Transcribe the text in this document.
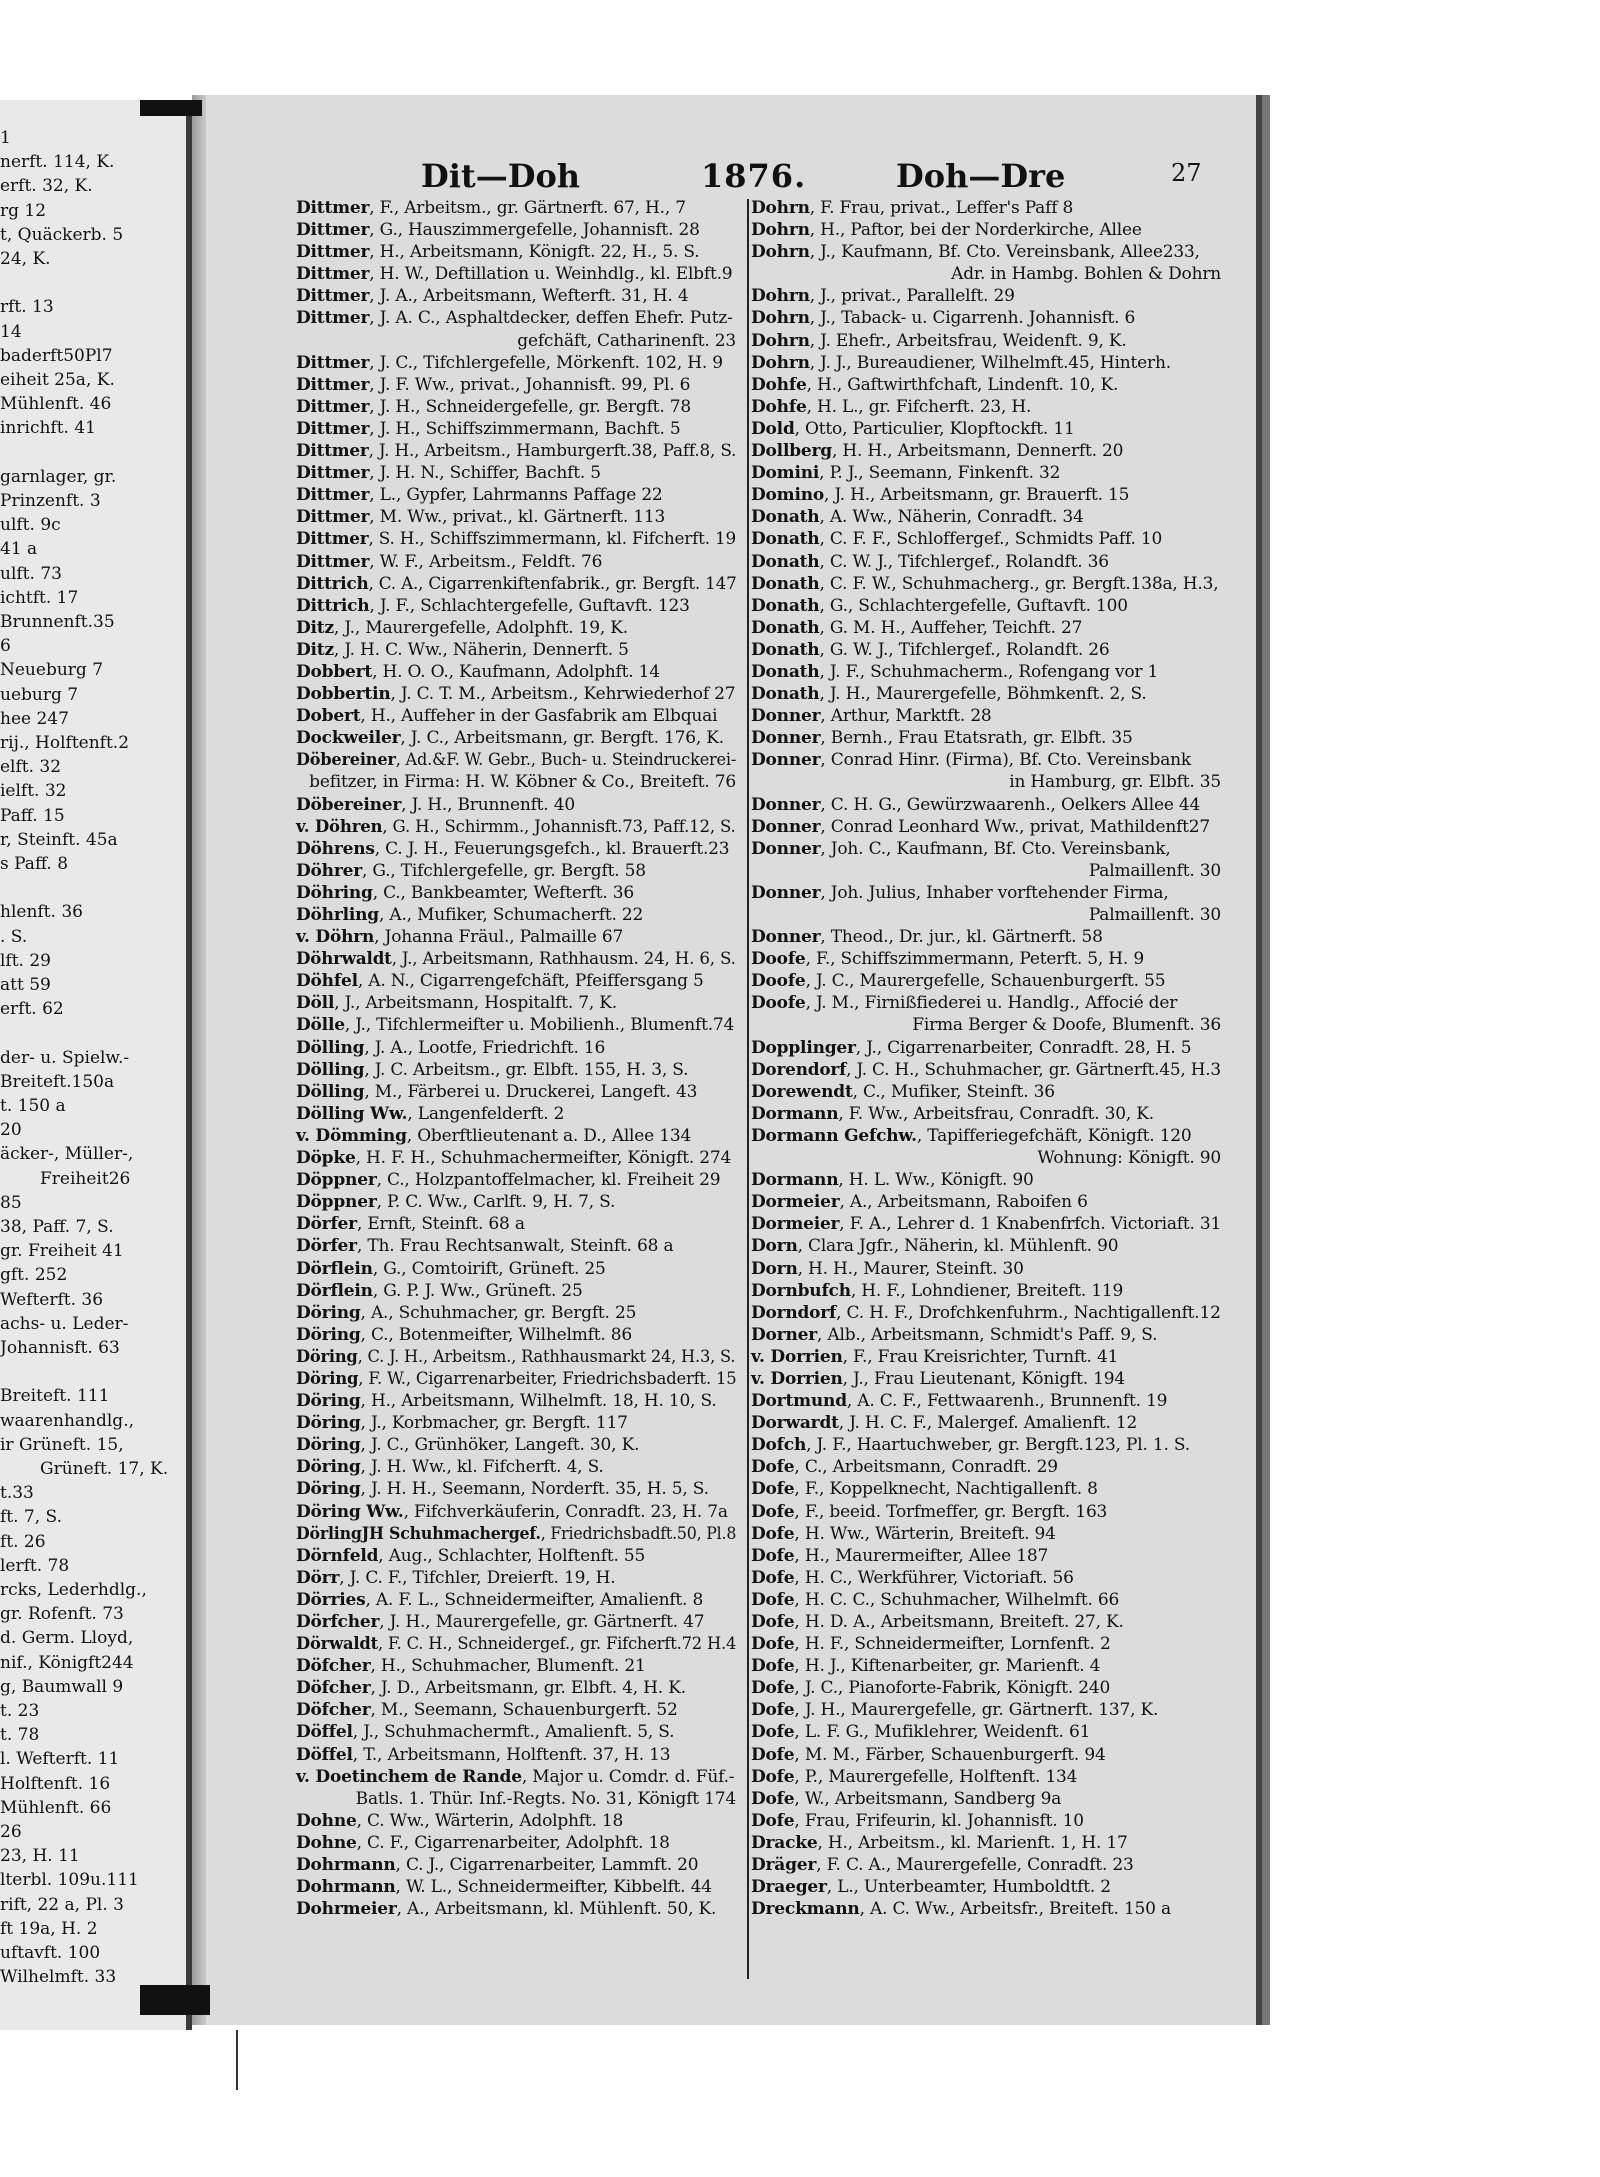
1
nerft. 114, K.
erft. 32, K.
rg 12
t, Quäckerb. 5
24, K.
rft. 13
14
baderft50Pl7
eiheit 25a, K.
Mühlenft. 46
inrichft. 41
garnlager, gr.
Prinzenft. 3
ulft. 9c
41 a
ulft. 73
ichtft. 17
Brunnenft.35
6
Neueburg 7
ueburg 7
hee 247
rij., Holftenft.2
elft. 32
ielft. 32
Paff. 15
r, Steinft. 45a
s Paff. 8
hlenft. 36
. S.
lft. 29
att 59
erft. 62
der- u. Spielw.-
Breiteft.150a
t. 150 a
20
äcker-, Müller-,
Freiheit26
85
38, Paff. 7, S.
gr. Freiheit 41
gft. 252
Wefterft. 36
achs- u. Leder-
Johannisft. 63
Breiteft. 111
waarenhandlg.,
ir Grüneft. 15,
Grüneft. 17, K.
t.33
ft. 7, S.
ft. 26
lerft. 78
rcks, Lederhdlg.,
gr. Rofenft. 73
d. Germ. Lloyd,
nif., Königft244
g, Baumwall 9
t. 23
t. 78
l. Wefterft. 11
Holftenft. 16
Mühlenft. 66
26
23, H. 11
lterbl. 109u.111
rift, 22 a, Pl. 3
ft 19a, H. 2
uftavft. 100
Wilhelmft. 33
Dit—Doh	1876.	Doh—Dre	27
Dittmer, F., Arbeitsm., gr. Gärtnerft. 67, H., 7
Dittmer, G., Hauszimmergefelle, Johannisft. 28
Dittmer, H., Arbeitsmann, Königft. 22, H., 5. S.
Dittmer, H. W., Deftillation u. Weinhdlg., kl. Elbft.9
Dittmer, J. A., Arbeitsmann, Wefterft. 31, H. 4
Dittmer, J. A. C., Asphaltdecker, deffen Ehefr. Putz-
gefchäft, Catharinenft. 23
Dittmer, J. C., Tifchlergefelle, Mörkenft. 102, H. 9
Dittmer, J. F. Ww., privat., Johannisft. 99, Pl. 6
Dittmer, J. H., Schneidergefelle, gr. Bergft. 78
Dittmer, J. H., Schiffszimmermann, Bachft. 5
Dittmer, J. H., Arbeitsm., Hamburgerft.38, Paff.8, S.
Dittmer, J. H. N., Schiffer, Bachft. 5
Dittmer, L., Gypfer, Lahrmanns Paffage 22
Dittmer, M. Ww., privat., kl. Gärtnerft. 113
Dittmer, S. H., Schiffszimmermann, kl. Fifcherft. 19
Dittmer, W. F., Arbeitsm., Feldft. 76
Dittrich, C. A., Cigarrenkiftenfabrik., gr. Bergft. 147
Dittrich, J. F., Schlachtergefelle, Guftavft. 123
Ditz, J., Maurergefelle, Adolphft. 19, K.
Ditz, J. H. C. Ww., Näherin, Dennerft. 5
Dobbert, H. O. O., Kaufmann, Adolphft. 14
Dobbertin, J. C. T. M., Arbeitsm., Kehrwiederhof 27
Dobert, H., Auffeher in der Gasfabrik am Elbquai
Dockweiler, J. C., Arbeitsmann, gr. Bergft. 176, K.
Döbereiner, Ad.&F. W. Gebr., Buch- u. Steindruckerei-
befitzer, in Firma: H. W. Köbner & Co., Breiteft. 76
Döbereiner, J. H., Brunnenft. 40
v. Döhren, G. H., Schirmm., Johannisft.73, Paff.12, S.
Döhrens, C. J. H., Feuerungsgefch., kl. Brauerft.23
Döhrer, G., Tifchlergefelle, gr. Bergft. 58
Döhring, C., Bankbeamter, Wefterft. 36
Döhrling, A., Mufiker, Schumacherft. 22
v. Döhrn, Johanna Fräul., Palmaille 67
Döhrwaldt, J., Arbeitsmann, Rathhausm. 24, H. 6, S.
Döhfel, A. N., Cigarrengefchäft, Pfeiffersgang 5
Döll, J., Arbeitsmann, Hospitalft. 7, K.
Dölle, J., Tifchlermeifter u. Mobilienh., Blumenft.74
Dölling, J. A., Lootfe, Friedrichft. 16
Dölling, J. C. Arbeitsm., gr. Elbft. 155, H. 3, S.
Dölling, M., Färberei u. Druckerei, Langeft. 43
Dölling Ww., Langenfelderft. 2
v. Dömming, Oberftlieutenant a. D., Allee 134
Döpke, H. F. H., Schuhmachermeifter, Königft. 274
Döppner, C., Holzpantoffelmacher, kl. Freiheit 29
Döppner, P. C. Ww., Carlft. 9, H. 7, S.
Dörfer, Ernft, Steinft. 68 a
Dörfer, Th. Frau Rechtsanwalt, Steinft. 68 a
Dörflein, G., Comtoirift, Grüneft. 25
Dörflein, G. P. J. Ww., Grüneft. 25
Döring, A., Schuhmacher, gr. Bergft. 25
Döring, C., Botenmeifter, Wilhelmft. 86
Döring, C. J. H., Arbeitsm., Rathhausmarkt 24, H.3, S.
Döring, F. W., Cigarrenarbeiter, Friedrichsbaderft. 15
Döring, H., Arbeitsmann, Wilhelmft. 18, H. 10, S.
Döring, J., Korbmacher, gr. Bergft. 117
Döring, J. C., Grünhöker, Langeft. 30, K.
Döring, J. H. Ww., kl. Fifcherft. 4, S.
Döring, J. H. H., Seemann, Norderft. 35, H. 5, S.
Döring Ww., Fifchverkäuferin, Conradft. 23, H. 7a
DörlingJH Schuhmachergef., Friedrichsbadft.50, Pl.8
Dörnfeld, Aug., Schlachter, Holftenft. 55
Dörr, J. C. F., Tifchler, Dreierft. 19, H.
Dörries, A. F. L., Schneidermeifter, Amalienft. 8
Dörfcher, J. H., Maurergefelle, gr. Gärtnerft. 47
Dörwaldt, F. C. H., Schneidergef., gr. Fifcherft.72 H.4
Döfcher, H., Schuhmacher, Blumenft. 21
Döfcher, J. D., Arbeitsmann, gr. Elbft. 4, H. K.
Döfcher, M., Seemann, Schauenburgerft. 52
Döffel, J., Schuhmachermft., Amalienft. 5, S.
Döffel, T., Arbeitsmann, Holftenft. 37, H. 13
v. Doetinchem de Rande, Major u. Comdr. d. Füf.-
Batls. 1. Thür. Inf.-Regts. No. 31, Königft 174
Dohne, C. Ww., Wärterin, Adolphft. 18
Dohne, C. F., Cigarrenarbeiter, Adolphft. 18
Dohrmann, C. J., Cigarrenarbeiter, Lammft. 20
Dohrmann, W. L., Schneidermeifter, Kibbelft. 44
Dohrmeier, A., Arbeitsmann, kl. Mühlenft. 50, K.
Dohrn, F. Frau, privat., Leffer's Paff 8
Dohrn, H., Paftor, bei der Norderkirche, Allee
Dohrn, J., Kaufmann, Bf. Cto. Vereinsbank, Allee233,
Adr. in Hambg. Bohlen & Dohrn
Dohrn, J., privat., Parallelft. 29
Dohrn, J., Taback- u. Cigarrenh. Johannisft. 6
Dohrn, J. Ehefr., Arbeitsfrau, Weidenft. 9, K.
Dohrn, J. J., Bureaudiener, Wilhelmft.45, Hinterh.
Dohfe, H., Gaftwirthfchaft, Lindenft. 10, K.
Dohfe, H. L., gr. Fifcherft. 23, H.
Dold, Otto, Particulier, Klopftockft. 11
Dollberg, H. H., Arbeitsmann, Dennerft. 20
Domini, P. J., Seemann, Finkenft. 32
Domino, J. H., Arbeitsmann, gr. Brauerft. 15
Donath, A. Ww., Näherin, Conradft. 34
Donath, C. F. F., Schloffergef., Schmidts Paff. 10
Donath, C. W. J., Tifchlergef., Rolandft. 36
Donath, C. F. W., Schuhmacherg., gr. Bergft.138a, H.3,
Donath, G., Schlachtergefelle, Guftavft. 100
Donath, G. M. H., Auffeher, Teichft. 27
Donath, G. W. J., Tifchlergef., Rolandft. 26
Donath, J. F., Schuhmacherm., Rofengang vor 1
Donath, J. H., Maurergefelle, Böhmkenft. 2, S.
Donner, Arthur, Marktft. 28
Donner, Bernh., Frau Etatsrath, gr. Elbft. 35
Donner, Conrad Hinr. (Firma), Bf. Cto. Vereinsbank
in Hamburg, gr. Elbft. 35
Donner, C. H. G., Gewürzwaarenh., Oelkers Allee 44
Donner, Conrad Leonhard Ww., privat, Mathildenft27
Donner, Joh. C., Kaufmann, Bf. Cto. Vereinsbank,
Palmaillenft. 30
Donner, Joh. Julius, Inhaber vorftehender Firma,
Palmaillenft. 30
Donner, Theod., Dr. jur., kl. Gärtnerft. 58
Doofe, F., Schiffszimmermann, Peterft. 5, H. 9
Doofe, J. C., Maurergefelle, Schauenburgerft. 55
Doofe, J. M., Firnißfiederei u. Handlg., Affocié der
Firma Berger & Doofe, Blumenft. 36
Dopplinger, J., Cigarrenarbeiter, Conradft. 28, H. 5
Dorendorf, J. C. H., Schuhmacher, gr. Gärtnerft.45, H.3
Dorewendt, C., Mufiker, Steinft. 36
Dormann, F. Ww., Arbeitsfrau, Conradft. 30, K.
Dormann Gefchw., Tapifferiegefchäft, Königft. 120
Wohnung: Königft. 90
Dormann, H. L. Ww., Königft. 90
Dormeier, A., Arbeitsmann, Raboifen 6
Dormeier, F. A., Lehrer d. 1 Knabenfrfch. Victoriaft. 31
Dorn, Clara Jgfr., Näherin, kl. Mühlenft. 90
Dorn, H. H., Maurer, Steinft. 30
Dornbufch, H. F., Lohndiener, Breiteft. 119
Dorndorf, C. H. F., Drofchkenfuhrm., Nachtigallenft.12
Dorner, Alb., Arbeitsmann, Schmidt's Paff. 9, S.
v. Dorrien, F., Frau Kreisrichter, Turnft. 41
v. Dorrien, J., Frau Lieutenant, Königft. 194
Dortmund, A. C. F., Fettwaarenh., Brunnenft. 19
Dorwardt, J. H. C. F., Malergef. Amalienft. 12
Dofch, J. F., Haartuchweber, gr. Bergft.123, Pl. 1. S.
Dofe, C., Arbeitsmann, Conradft. 29
Dofe, F., Koppelknecht, Nachtigallenft. 8
Dofe, F., beeid. Torfmeffer, gr. Bergft. 163
Dofe, H. Ww., Wärterin, Breiteft. 94
Dofe, H., Maurermeifter, Allee 187
Dofe, H. C., Werkführer, Victoriaft. 56
Dofe, H. C. C., Schuhmacher, Wilhelmft. 66
Dofe, H. D. A., Arbeitsmann, Breiteft. 27, K.
Dofe, H. F., Schneidermeifter, Lornfenft. 2
Dofe, H. J., Kiftenarbeiter, gr. Marienft. 4
Dofe, J. C., Pianoforte-Fabrik, Königft. 240
Dofe, J. H., Maurergefelle, gr. Gärtnerft. 137, K.
Dofe, L. F. G., Mufiklehrer, Weidenft. 61
Dofe, M. M., Färber, Schauenburgerft. 94
Dofe, P., Maurergefelle, Holftenft. 134
Dofe, W., Arbeitsmann, Sandberg 9a
Dofe, Frau, Frifeurin, kl. Johannisft. 10
Dracke, H., Arbeitsm., kl. Marienft. 1, H. 17
Dräger, F. C. A., Maurergefelle, Conradft. 23
Draeger, L., Unterbeamter, Humboldtft. 2
Dreckmann, A. C. Ww., Arbeitsfr., Breiteft. 150 a
